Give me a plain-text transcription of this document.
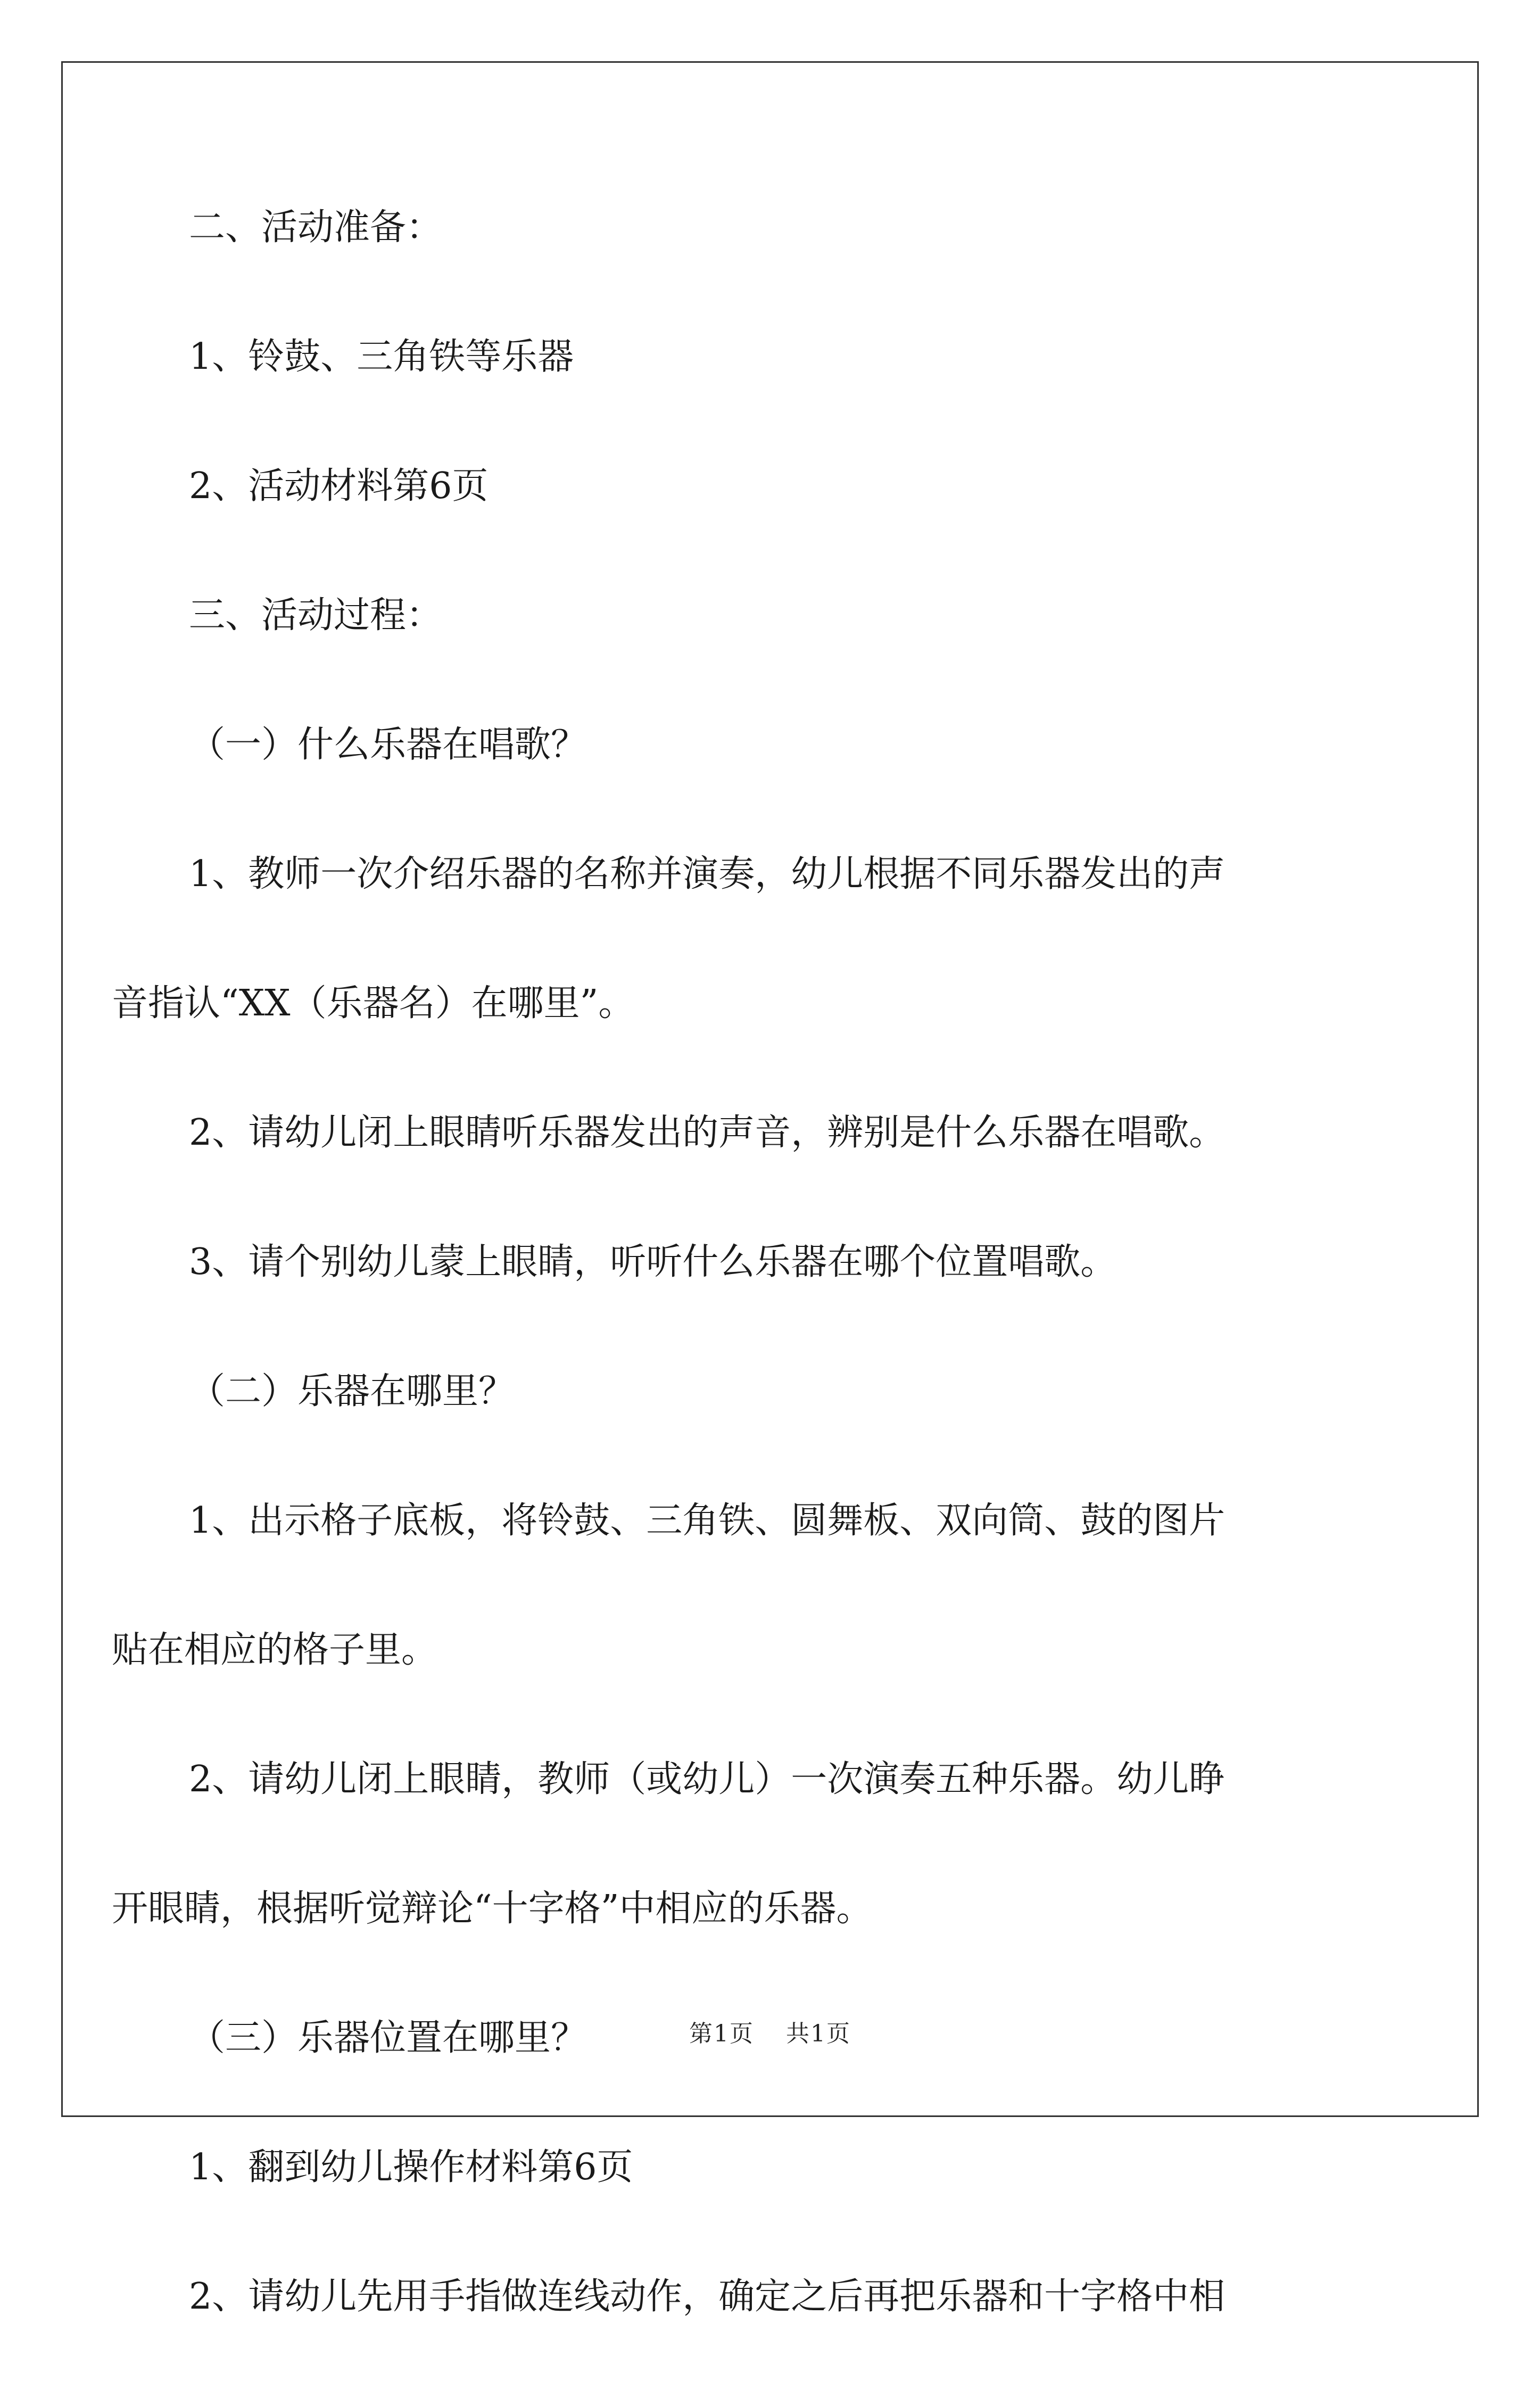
二、活动准备：

1、铃鼓、三角铁等乐器

2、活动材料第6页

三、活动过程：

（一）什么乐器在唱歌？

1、教师一次介绍乐器的名称并演奏，幼儿根据不同乐器发出的声
音指认“XX（乐器名）在哪里”。

2、请幼儿闭上眼睛听乐器发出的声音，辨别是什么乐器在唱歌。

3、请个别幼儿蒙上眼睛，听听什么乐器在哪个位置唱歌。

（二）乐器在哪里？

1、出示格子底板，将铃鼓、三角铁、圆舞板、双向筒、鼓的图片
贴在相应的格子里。

2、请幼儿闭上眼睛，教师（或幼儿）一次演奏五种乐器。幼儿睁
开眼睛，根据听觉辩论“十字格”中相应的乐器。

（三）乐器位置在哪里？

1、翻到幼儿操作材料第6页

2、请幼儿先用手指做连线动作，确定之后再把乐器和十字格中相

第1页 共1页
